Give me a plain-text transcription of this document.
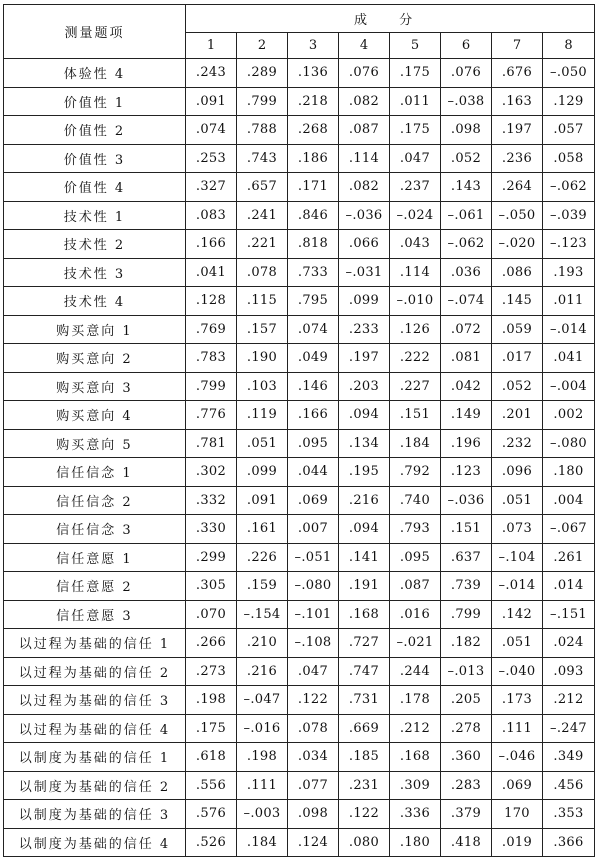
测量题项	成 分							
	1	2	3	4	5	6	7	8
体验性 4	.243	.289	.136	.076	.175	.076	.676	–.050
价值性 1	.091	.799	.218	.082	.011	–.038	.163	.129
价值性 2	.074	.788	.268	.087	.175	.098	.197	.057
价值性 3	.253	.743	.186	.114	.047	.052	.236	.058
价值性 4	.327	.657	.171	.082	.237	.143	.264	–.062
技术性 1	.083	.241	.846	–.036	–.024	–.061	–.050	–.039
技术性 2	.166	.221	.818	.066	.043	–.062	–.020	–.123
技术性 3	.041	.078	.733	–.031	.114	.036	.086	.193
技术性 4	.128	.115	.795	.099	–.010	–.074	.145	.011
购买意向 1	.769	.157	.074	.233	.126	.072	.059	–.014
购买意向 2	.783	.190	.049	.197	.222	.081	.017	.041
购买意向 3	.799	.103	.146	.203	.227	.042	.052	–.004
购买意向 4	.776	.119	.166	.094	.151	.149	.201	.002
购买意向 5	.781	.051	.095	.134	.184	.196	.232	–.080
信任信念 1	.302	.099	.044	.195	.792	.123	.096	.180
信任信念 2	.332	.091	.069	.216	.740	–.036	.051	.004
信任信念 3	.330	.161	.007	.094	.793	.151	.073	–.067
信任意愿 1	.299	.226	–.051	.141	.095	.637	–.104	.261
信任意愿 2	.305	.159	–.080	.191	.087	.739	–.014	.014
信任意愿 3	.070	–.154	–.101	.168	.016	.799	.142	–.151
以过程为基础的信任 1	.266	.210	–.108	.727	–.021	.182	.051	.024
以过程为基础的信任 2	.273	.216	.047	.747	.244	–.013	–.040	.093
以过程为基础的信任 3	.198	–.047	.122	.731	.178	.205	.173	.212
以过程为基础的信任 4	.175	–.016	.078	.669	.212	.278	.111	–.247
以制度为基础的信任 1	.618	.198	.034	.185	.168	.360	–.046	.349
以制度为基础的信任 2	.556	.111	.077	.231	.309	.283	.069	.456
以制度为基础的信任 3	.576	–.003	.098	.122	.336	.379	170	.353
以制度为基础的信任 4	.526	.184	.124	.080	.180	.418	.019	.366
